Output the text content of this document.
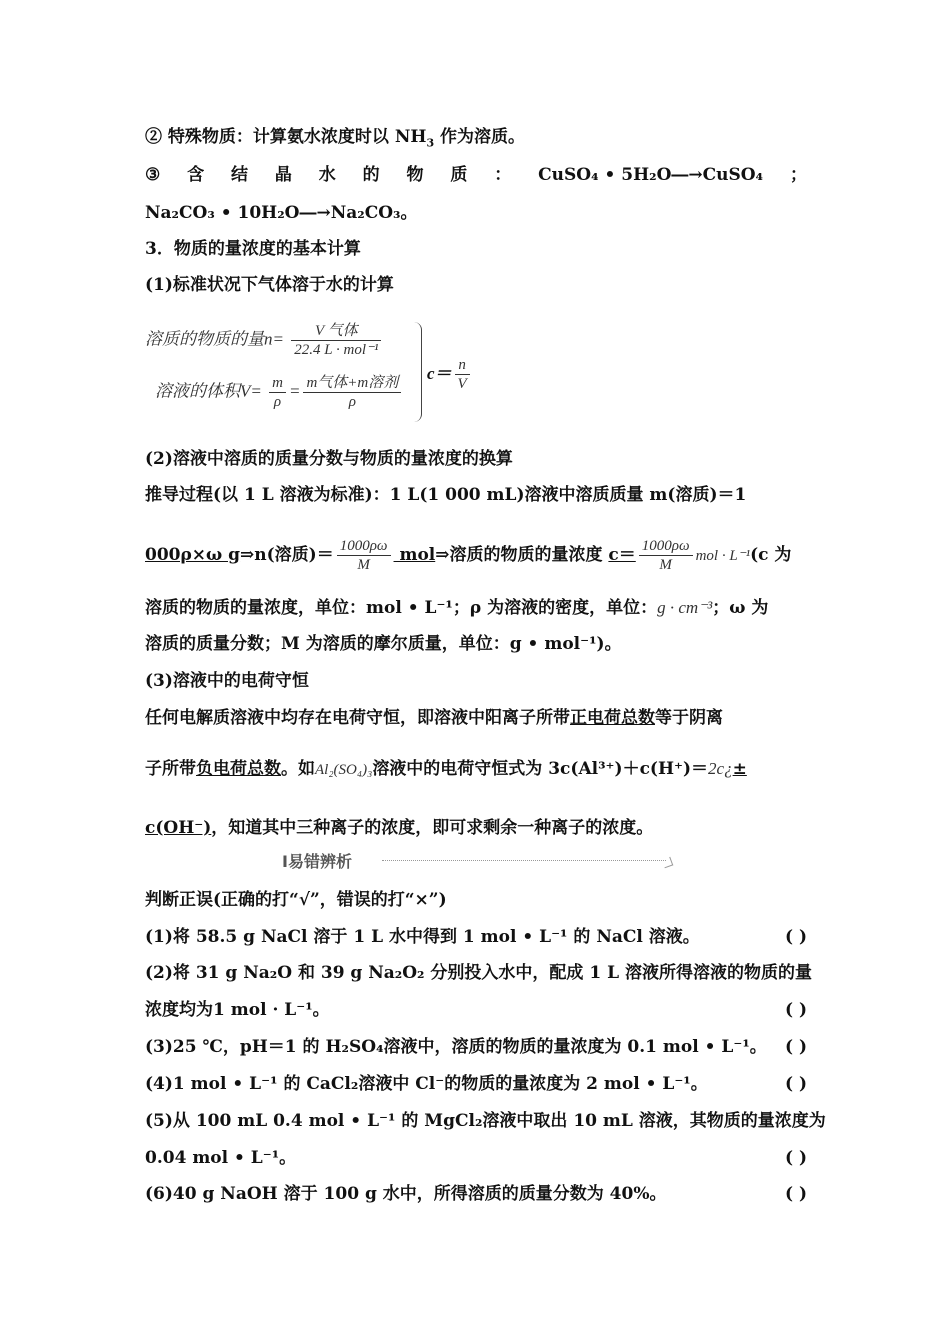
② 特殊物质：计算氨水浓度时以 $NH_3$ 作为溶质。
③ 含 结 晶 水 的 物 质 ： CuSO₄ • 5H₂O―→CuSO₄ ；
Na₂CO₃ • 10H₂O―→Na₂CO₃。
3．物质的量浓度的基本计算
(1)标准状况下气体溶于水的计算
溶质的物质的量$n= \frac{\text{V 气体}}{\text{22.4 L · mol⁻¹}}$
溶液的体积$V= \frac{m}{\rho} = \frac{\text{m气体+m溶剂}}{\rho}$
$c= \frac{n}{V}$
(2)溶液中溶质的质量分数与物质的量浓度的换算
推导过程(以 1 L 溶液为标准)：1 L(1 000 mL)溶液中溶质质量 m(溶质)＝1
000ρ×ω g⇒n(溶质)＝ $\frac{1000\rho\omega}{M}$ mol⇒溶质的物质的量浓度 $c= \frac{1000\rho\omega}{M}$ mol · L⁻¹(c 为
溶质的物质的量浓度，单位：mol • L⁻¹；ρ 为溶液的密度，单位：g · cm⁻³；ω 为
溶质的质量分数；M 为溶质的摩尔质量，单位：g • mol⁻¹)。
(3)溶液中的电荷守恒
任何电解质溶液中均存在电荷守恒，即溶液中阳离子所带正电荷总数等于阴离
子所带负电荷总数。如Al₂(SO₄)₃溶液中的电荷守恒式为 3c(Al³⁺)＋c(H⁺)＝2c¿±
c(OH⁻)，知道其中三种离子的浓度，即可求剩余一种离子的浓度。
Ⅰ易错辨析
判断正误(正确的打“√”，错误的打“×”)
(1)将 58.5 g NaCl 溶于 1 L 水中得到 1 mol • L⁻¹ 的 NaCl 溶液。	( )
(2)将 31 g Na₂O 和 39 g Na₂O₂ 分别投入水中，配成 1 L 溶液所得溶液的物质的量
浓度均为1 mol · L⁻¹。	( )
(3)25 ℃，pH＝1 的 H₂SO₄溶液中，溶质的物质的量浓度为 0.1 mol • L⁻¹。 ( )
(4)1 mol • L⁻¹ 的 CaCl₂溶液中 Cl⁻的物质的量浓度为 2 mol • L⁻¹。	( )
(5)从 100 mL 0.4 mol • L⁻¹ 的 MgCl₂溶液中取出 10 mL 溶液，其物质的量浓度为
0.04 mol • L⁻¹。	( )
(6)40 g NaOH 溶于 100 g 水中，所得溶质的质量分数为 40%。	( )
